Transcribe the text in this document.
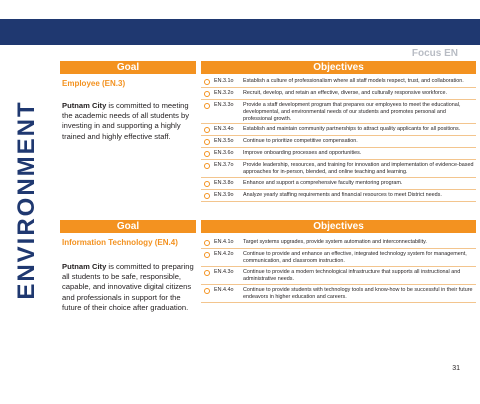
Focus EN
ENVIRONMENT
Goal	Objectives
Employee (EN.3)
Putnam City is committed to meeting the academic needs of all students by investing in and supporting a highly trained and highly effective staff.
EN.3.1o	Establish a culture of professionalism where all staff models respect, trust, and collaboration.
EN.3.2o	Recruit, develop, and retain an effective, diverse, and culturally responsive workforce.
EN.3.3o	Provide a staff development program that prepares our employees to meet the educational, developmental, and environmental needs of our students and promotes personal and professional growth.
EN.3.4o	Establish and maintain community partnerships to attract quality applicants for all positions.
EN.3.5o	Continue to prioritize competitive compensation.
EN.3.6o	Improve onboarding processes and opportunities.
EN.3.7o	Provide leadership, resources, and training for innovation and implementation of evidence-based approaches for in-person, blended, and online teaching and learning.
EN.3.8o	Enhance and support a comprehensive faculty mentoring program.
EN.3.9o	Analyze yearly staffing requirements and financial resources to meet District needs.
Goal	Objectives
Information Technology (EN.4)
Putnam City is committed to preparing all students to be safe, responsible, capable, and innovative digital citizens and professionals in support for the future of their choice after graduation.
EN.4.1o	Target systems upgrades, provide system automation and interconnectability.
EN.4.2o	Continue to provide and enhance an effective, integrated technology system for management, communication, and classroom instruction.
EN.4.3o	Continue to provide a modern technological infrastructure that supports all instructional and administrative needs.
EN.4.4o	Continue to provide students with technology tools and know-how to be successful in their future endeavors in higher education and careers.
31
